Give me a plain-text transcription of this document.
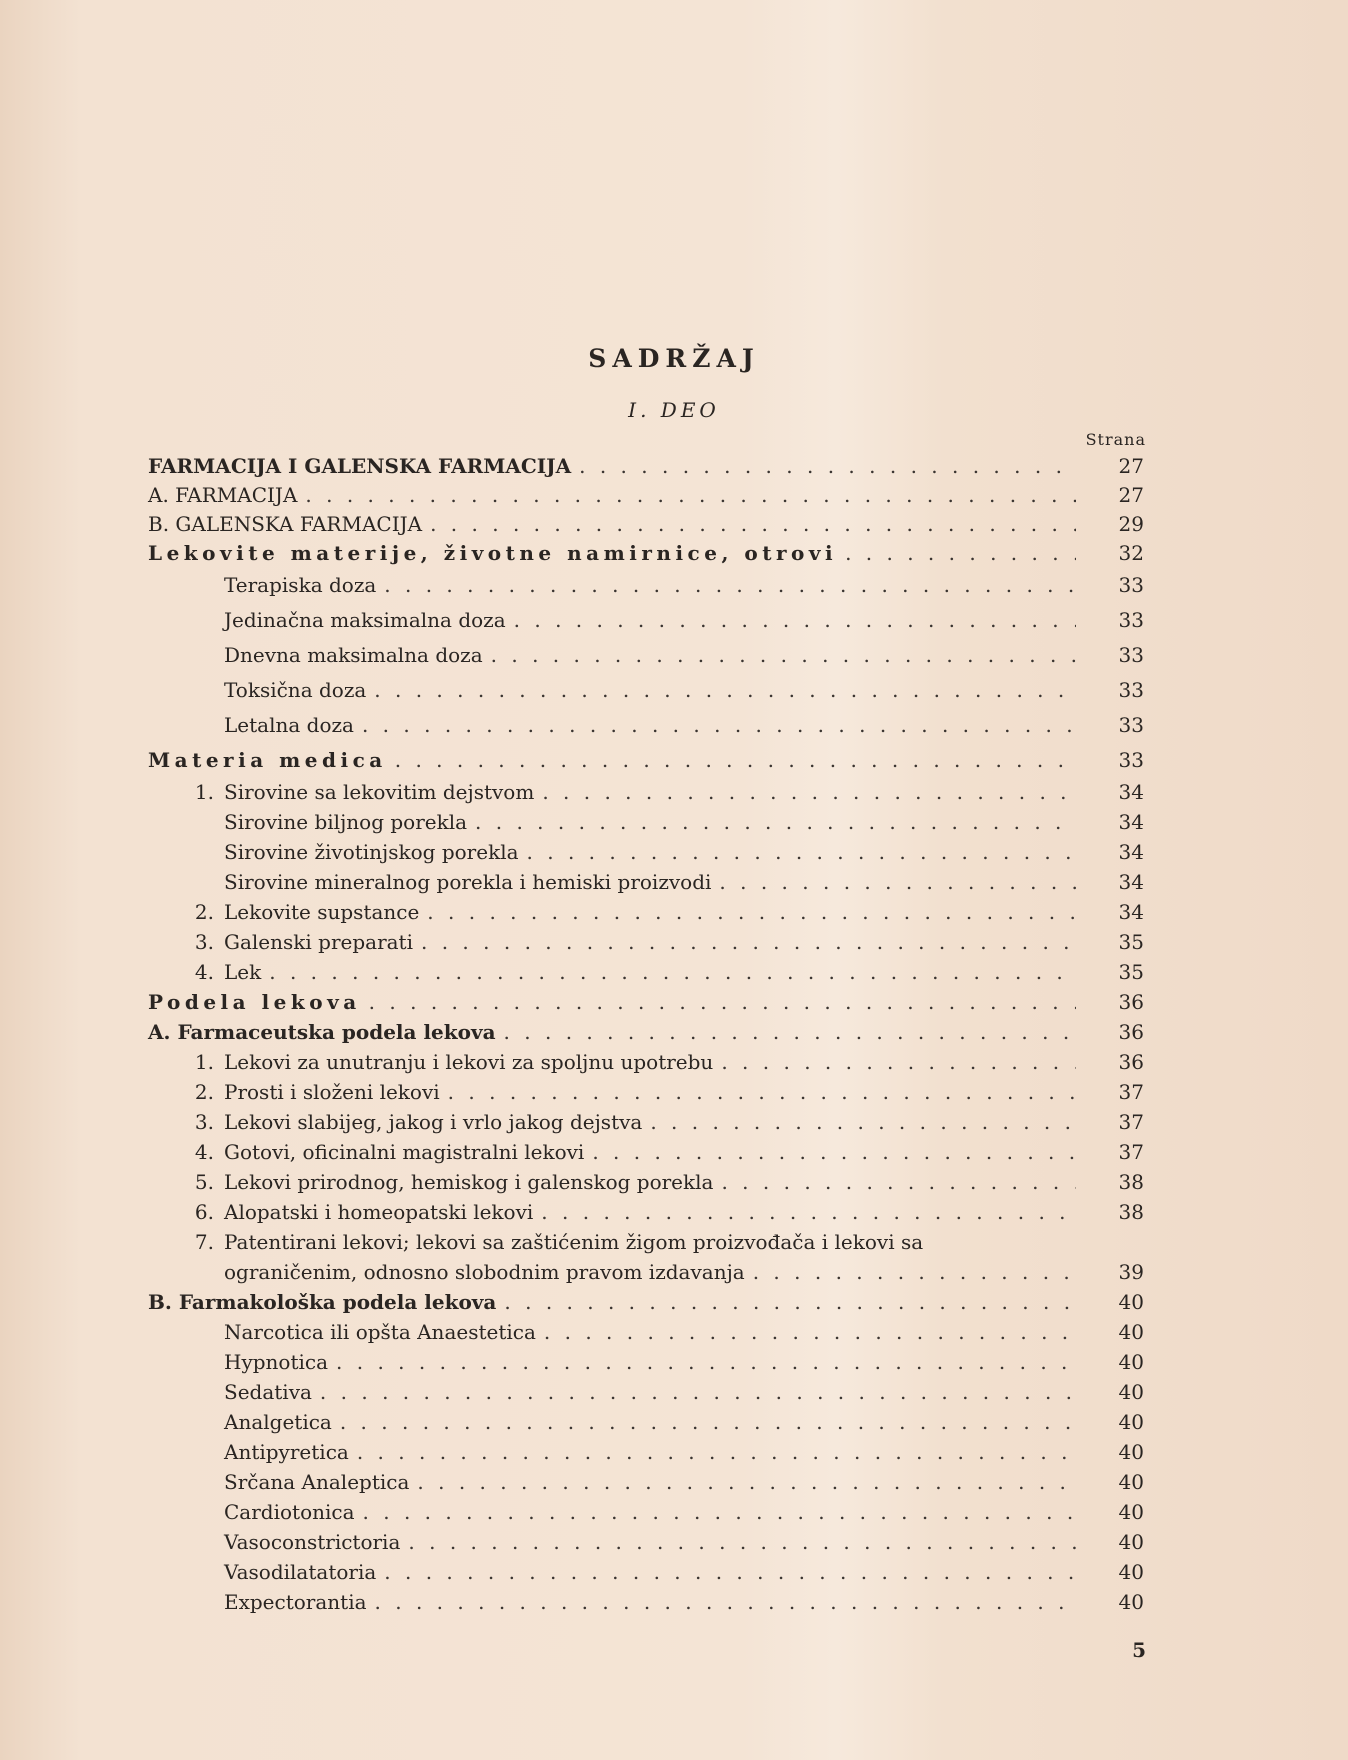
SADRŽAJ
I. DEO
Strana
FARMACIJA I GALENSKA FARMACIJA . . .	27
A. FARMACIJA . . .	27
B. GALENSKA FARMACIJA . . .	29
Lekovite materije, životne namirnice, otrovi . . .	32
Terapiska doza . . .	33
Jedinačna maksimalna doza . . .	33
Dnevna maksimalna doza . . .	33
Toksična doza . . .	33
Letalna doza . . .	33
Materia medica . . .	33
1. Sirovine sa lekovitim dejstvom . . .	34
Sirovine biljnog porekla . . .	34
Sirovine životinjskog porekla . . .	34
Sirovine mineralnog porekla i hemiski proizvodi . . .	34
2. Lekovite supstance . . .	34
3. Galenski preparati . . .	35
4. Lek . . .	35
Podela lekova . . .	36
A. Farmaceutska podela lekova . . .	36
1. Lekovi za unutranju i lekovi za spoljnu upotrebu . . .	36
2. Prosti i složeni lekovi . . .	37
3. Lekovi slabijeg, jakog i vrlo jakog dejstva . . .	37
4. Gotovi, oficinalni magistralni lekovi . . .	37
5. Lekovi prirodnog, hemiskog i galenskog porekla . . .	38
6. Alopatski i homeopatski lekovi . . .	38
7. Patentirani lekovi; lekovi sa zaštićenim žigom proizvođača i lekovi sa
ograničenim, odnosno slobodnim pravom izdavanja . . .	39
B. Farmakološka podela lekova . . .	40
Narcotica ili opšta Anaestetica . . .	40
Hypnotica . . .	40
Sedativa . . .	40
Analgetica . . .	40
Antipyretica . . .	40
Srčana Analeptica . . .	40
Cardiotonica . . .	40
Vasoconstrictoria . . .	40
Vasodilatatoria . . .	40
Expectorantia . . .	40
5
